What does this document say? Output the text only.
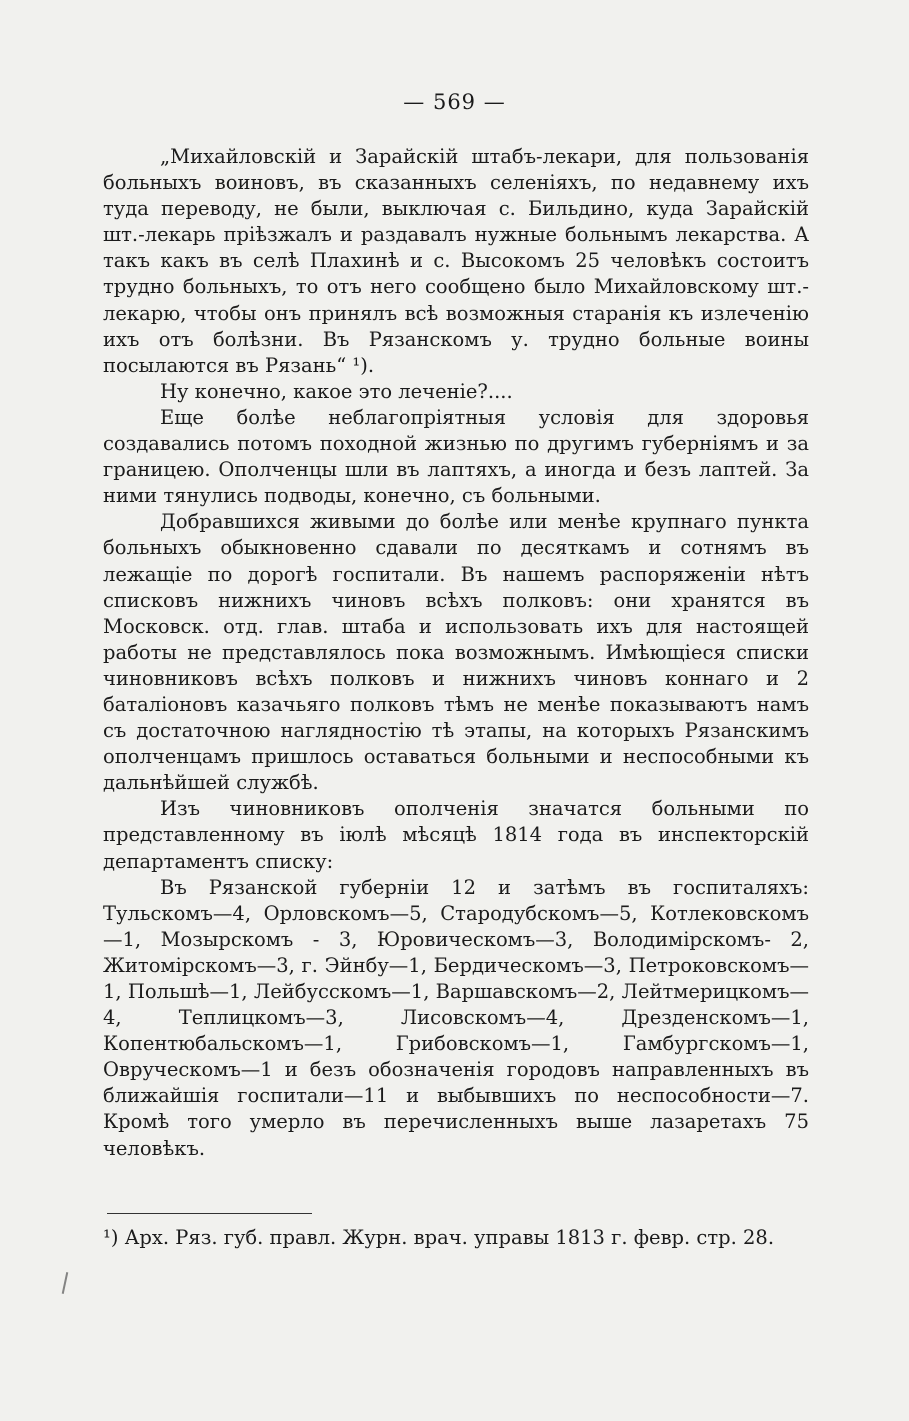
— 569 —

„Михайловскій и Зарайскій штабъ-лекари, для пользованія больныхъ воиновъ, въ сказанныхъ селеніяхъ, по недавнему ихъ туда переводу, не были, выключая с. Бильдино, куда Зарайскій шт.-лекарь пріѣзжалъ и раздавалъ нужные больнымъ лекарства. А такъ какъ въ селѣ Плахинѣ и с. Высокомъ 25 человѣкъ состоитъ трудно больныхъ, то отъ него сообщено было Михайловскому шт.-лекарю, чтобы онъ принялъ всѣ возможныя старанія къ излеченію ихъ отъ болѣзни. Въ Рязанскомъ у. трудно больные воины посылаются въ Рязань“ ¹).

Ну конечно, какое это леченіе?....

Еще болѣе неблагопріятныя условія для здоровья создавались потомъ походной жизнью по другимъ губерніямъ и за границею. Ополченцы шли въ лаптяхъ, а иногда и безъ лаптей. За ними тянулись подводы, конечно, съ больными.

Добравшихся живыми до болѣе или менѣе крупнаго пункта больныхъ обыкновенно сдавали по десяткамъ и сотнямъ въ лежащіе по дорогѣ госпитали. Въ нашемъ распоряженіи нѣтъ списковъ нижнихъ чиновъ всѣхъ полковъ: они хранятся въ Московск. отд. глав. штаба и использовать ихъ для настоящей работы не представлялось пока возможнымъ. Имѣющіеся списки чиновниковъ всѣхъ полковъ и нижнихъ чиновъ коннаго и 2 баталіоновъ казачьяго полковъ тѣмъ не менѣе показываютъ намъ съ достаточною наглядностію тѣ этапы, на которыхъ Рязанскимъ ополченцамъ пришлось оставаться больными и неспособными къ дальнѣйшей службѣ.

Изъ чиновниковъ ополченія значатся больными по представленному въ іюлѣ мѣсяцѣ 1814 года въ инспекторскій департаментъ списку:

Въ Рязанской губерніи 12 и затѣмъ въ госпиталяхъ: Тульскомъ—4, Орловскомъ—5, Стародубскомъ—5, Котлековскомъ—1, Мозырскомъ - 3, Юровическомъ—3, Володимірскомъ- 2, Житомірскомъ—3, г. Эйнбу—1, Бердическомъ—3, Петроковскомъ—1, Польшѣ—1, Лейбусскомъ—1, Варшавскомъ—2, Лейтмерицкомъ—4, Теплицкомъ—3, Лисовскомъ—4, Дрезденскомъ—1, Копентюбальскомъ—1, Грибовскомъ—1, Гамбургскомъ—1, Овруческомъ—1 и безъ обозначенія городовъ направленныхъ въ ближайшія госпитали—11 и выбывшихъ по неспособности—7. Кромѣ того умерло въ перечисленныхъ выше лазаретахъ 75 человѣкъ.

¹) Арх. Ряз. губ. правл. Журн. врач. управы 1813 г. февр. стр. 28.
